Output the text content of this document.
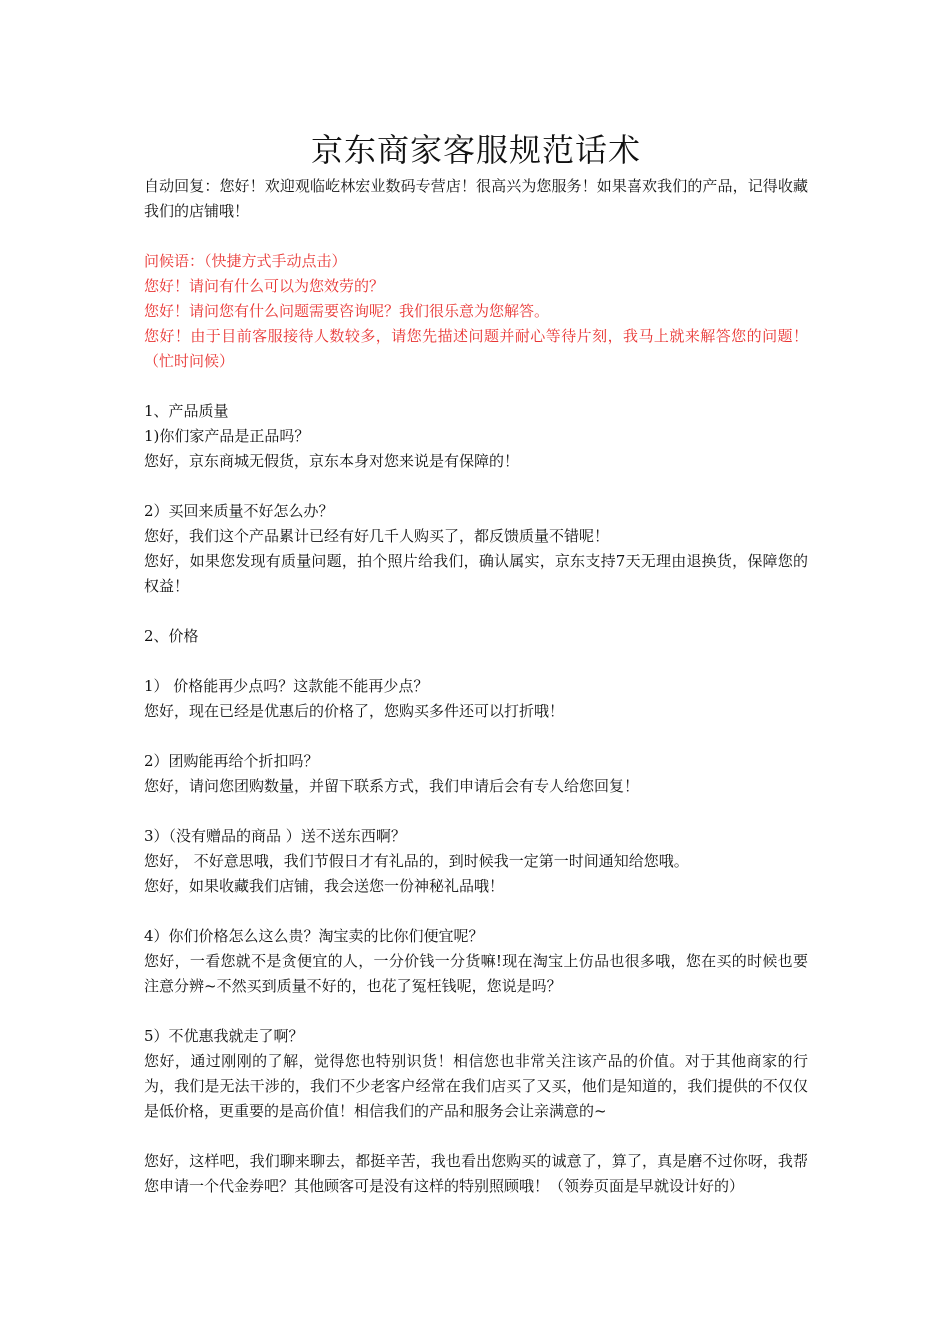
京东商家客服规范话术

自动回复：您好！欢迎观临屹林宏业数码专营店！很高兴为您服务！如果喜欢我们的产品，记得收藏我们的店铺哦！

问候语：（快捷方式手动点击）

您好！请问有什么可以为您效劳的？

您好！请问您有什么问题需要咨询呢？我们很乐意为您解答。

您好！由于目前客服接待人数较多，请您先描述问题并耐心等待片刻，我马上就来解答您的问题！（忙时问候）

1、产品质量

1)你们家产品是正品吗？

您好，京东商城无假货，京东本身对您来说是有保障的！

2）买回来质量不好怎么办？

您好，我们这个产品累计已经有好几千人购买了，都反馈质量不错呢！

您好，如果您发现有质量问题，拍个照片给我们，确认属实，京东支持7天无理由退换货，保障您的权益！

2、价格

1） 价格能再少点吗？这款能不能再少点？

您好，现在已经是优惠后的价格了，您购买多件还可以打折哦！

2）团购能再给个折扣吗？

您好，请问您团购数量，并留下联系方式，我们申请后会有专人给您回复！

3）（没有赠品的商品 ）送不送东西啊？

您好， 不好意思哦，我们节假日才有礼品的，到时候我一定第一时间通知给您哦。

您好，如果收藏我们店铺，我会送您一份神秘礼品哦！

4）你们价格怎么这么贵？淘宝卖的比你们便宜呢？

您好，一看您就不是贪便宜的人，一分价钱一分货嘛!现在淘宝上仿品也很多哦，您在买的时候也要注意分辨~不然买到质量不好的，也花了冤枉钱呢，您说是吗？

5）不优惠我就走了啊？

您好，通过刚刚的了解，觉得您也特别识货！相信您也非常关注该产品的价值。对于其他商家的行为，我们是无法干涉的，我们不少老客户经常在我们店买了又买，他们是知道的，我们提供的不仅仅是低价格，更重要的是高价值！相信我们的产品和服务会让亲满意的~

您好，这样吧，我们聊来聊去，都挺辛苦，我也看出您购买的诚意了，算了，真是磨不过你呀，我帮您申请一个代金券吧？其他顾客可是没有这样的特别照顾哦！（领券页面是早就设计好的）
